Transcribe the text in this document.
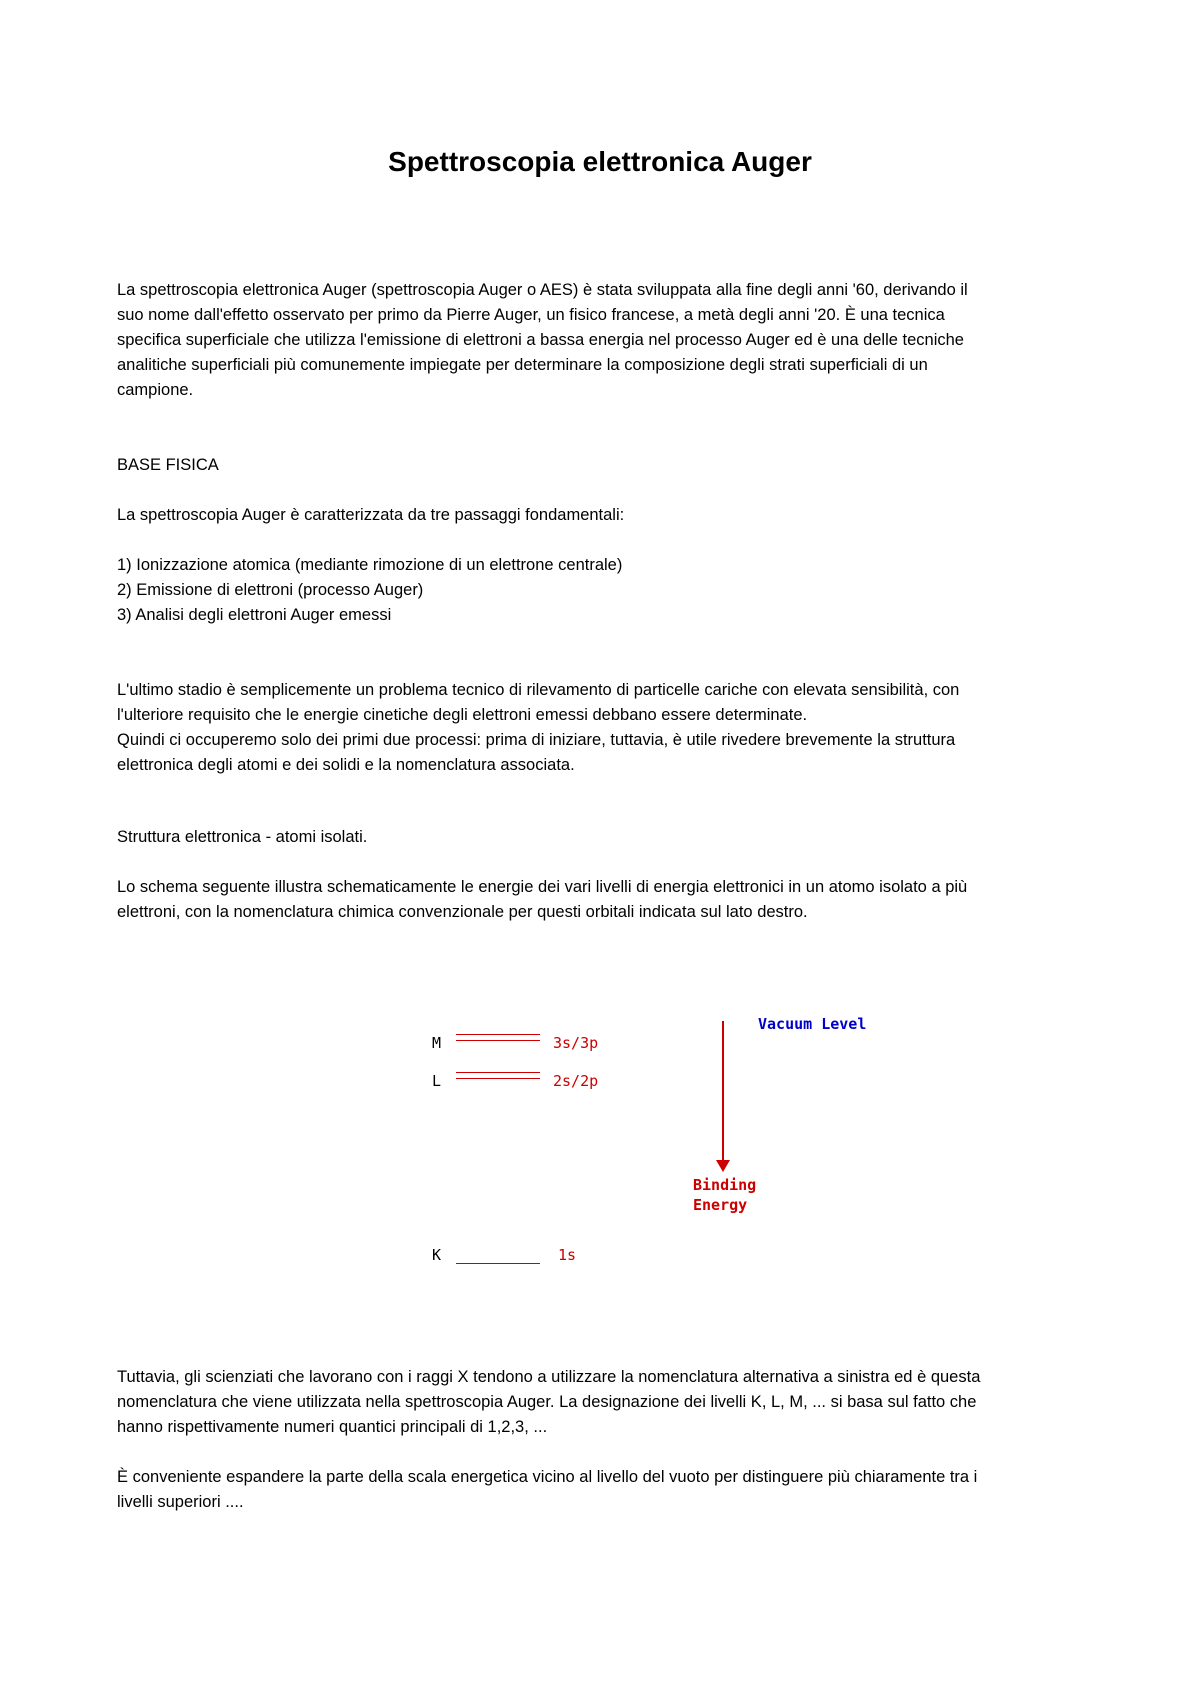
Spettroscopia elettronica Auger
La spettroscopia elettronica Auger (spettroscopia Auger o AES) è stata sviluppata alla fine degli anni '60, derivando il
suo nome dall'effetto osservato per primo da Pierre Auger, un fisico francese, a metà degli anni '20. È una tecnica
specifica superficiale che utilizza l'emissione di elettroni a bassa energia nel processo Auger ed è una delle tecniche
analitiche superficiali più comunemente impiegate per determinare la composizione degli strati superficiali di un
campione.
BASE FISICA
La spettroscopia Auger è caratterizzata da tre passaggi fondamentali:
1) Ionizzazione atomica (mediante rimozione di un elettrone centrale)
2) Emissione di elettroni (processo Auger)
3) Analisi degli elettroni Auger emessi
L'ultimo stadio è semplicemente un problema tecnico di rilevamento di particelle cariche con elevata sensibilità, con
l'ulteriore requisito che le energie cinetiche degli elettroni emessi debbano essere determinate.
Quindi ci occuperemo solo dei primi due processi: prima di iniziare, tuttavia, è utile rivedere brevemente la struttura
elettronica degli atomi e dei solidi e la nomenclatura associata.
Struttura elettronica - atomi isolati.
Lo schema seguente illustra schematicamente le energie dei vari livelli di energia elettronici in un atomo isolato a più
elettroni, con la nomenclatura chimica convenzionale per questi orbitali indicata sul lato destro.
M	3s/3p
L	2s/2p
K	1s
Vacuum Level
Binding
Energy
Tuttavia, gli scienziati che lavorano con i raggi X tendono a utilizzare la nomenclatura alternativa a sinistra ed è questa
nomenclatura che viene utilizzata nella spettroscopia Auger. La designazione dei livelli K, L, M, ... si basa sul fatto che
hanno rispettivamente numeri quantici principali di 1,2,3, ...
È conveniente espandere la parte della scala energetica vicino al livello del vuoto per distinguere più chiaramente tra i
livelli superiori ....
